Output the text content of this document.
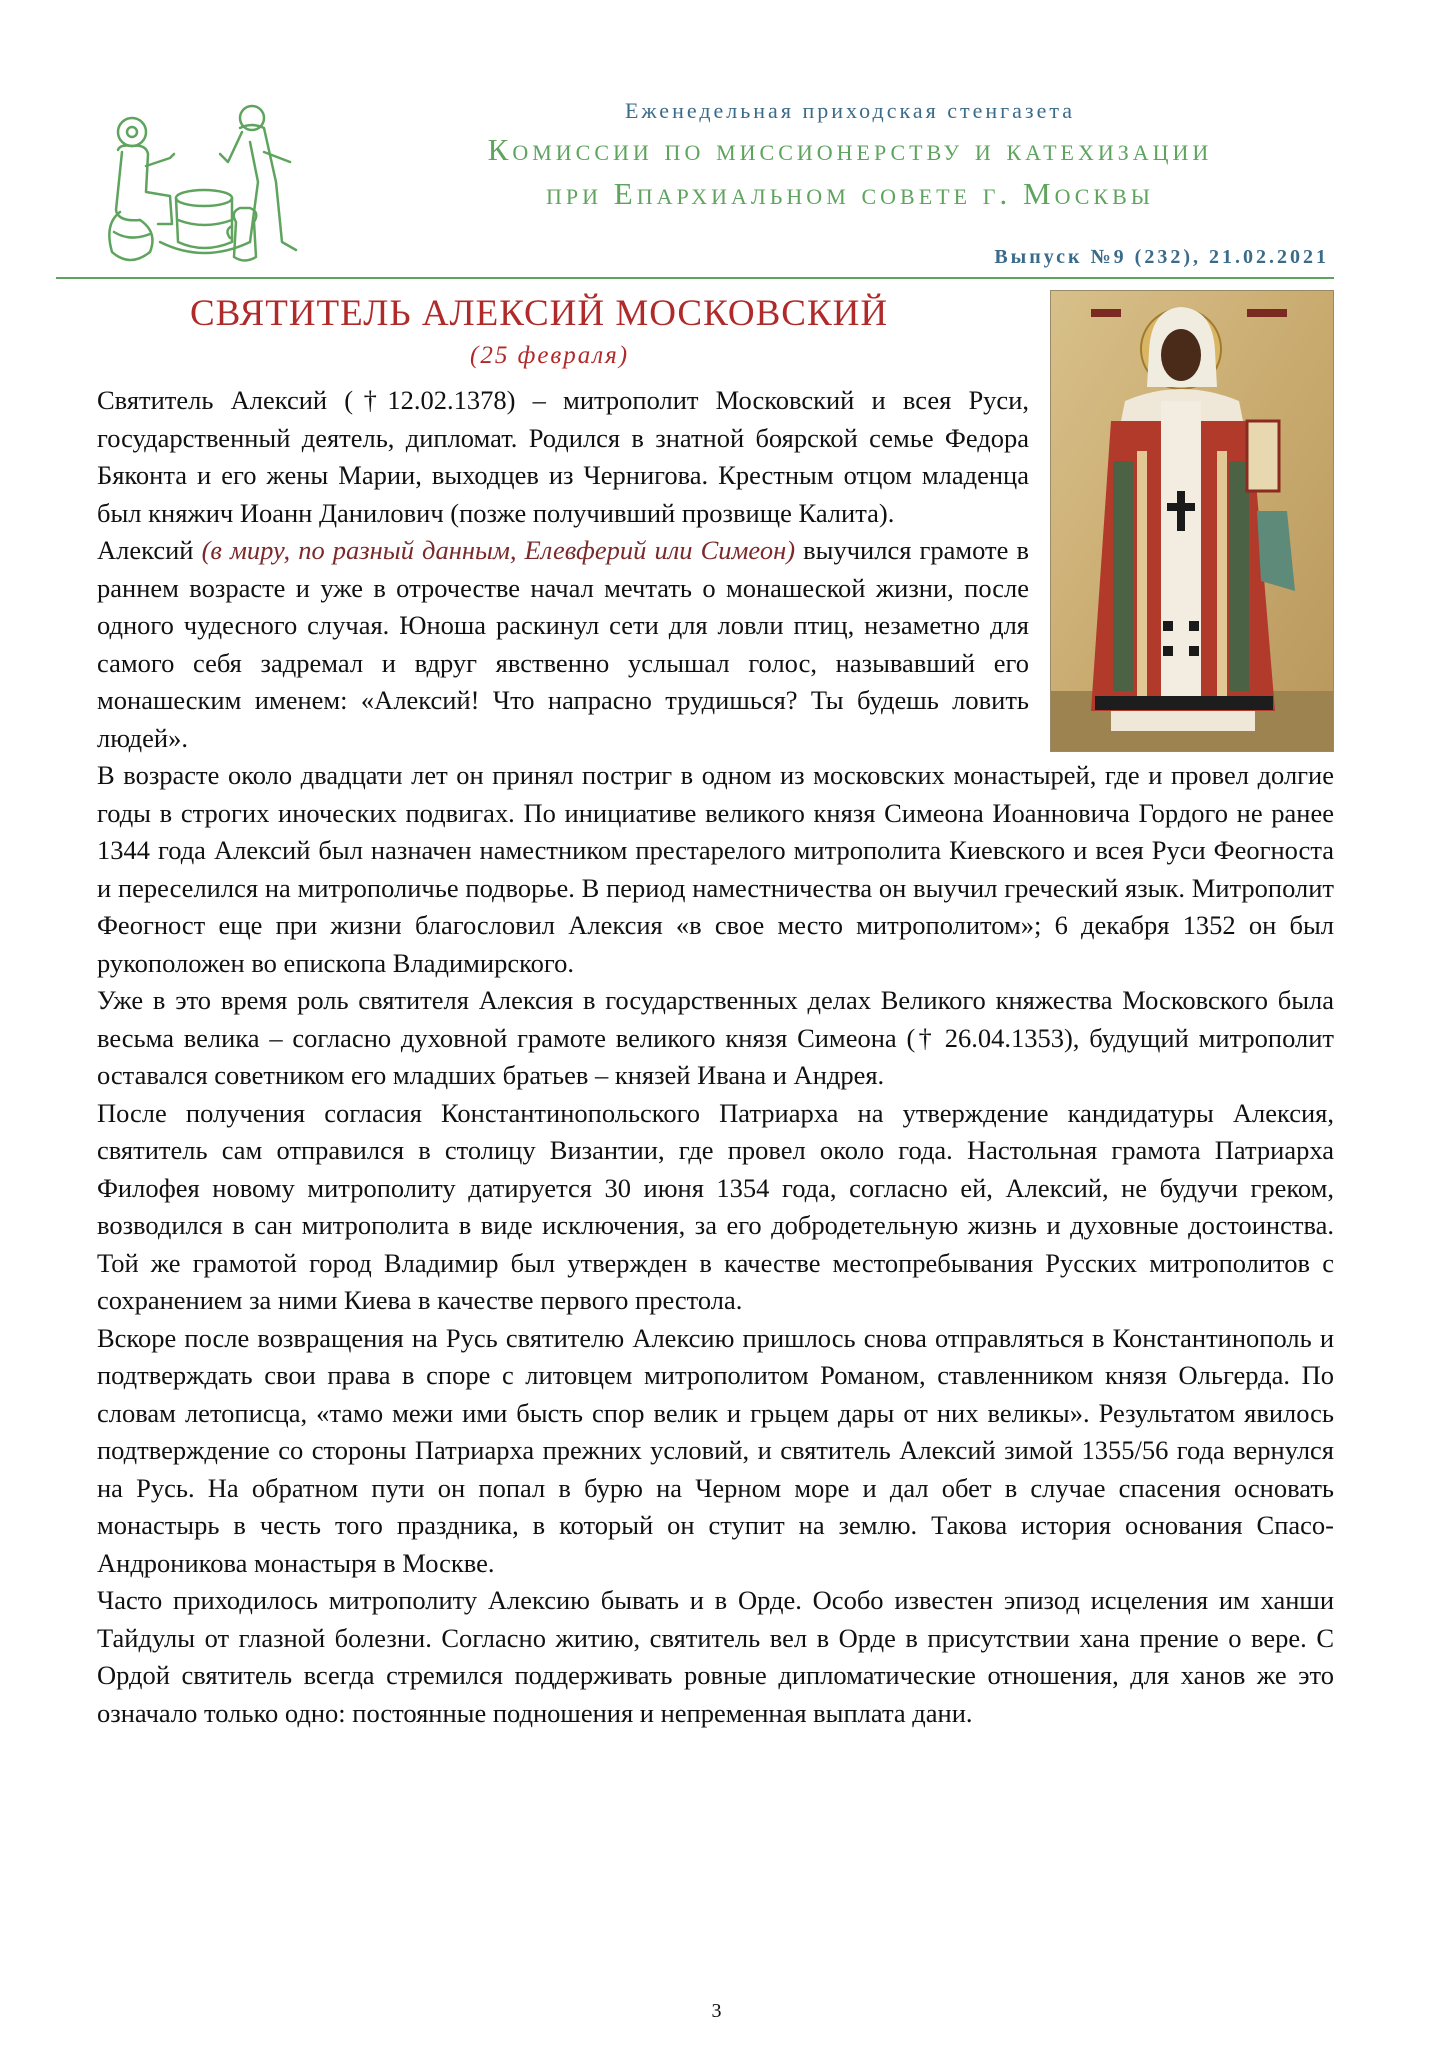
Еженедельная приходская стенгазета
Комиссии по миссионерству и катехизации
при Епархиальном совете г. Москвы
Выпуск №9 (232), 21.02.2021
СВЯТИТЕЛЬ АЛЕКСИЙ МОСКОВСКИЙ
(25 февраля)

Святитель Алексий (†12.02.1378) – митрополит Московский и всея Руси, государственный деятель, дипломат. Родился в знатной боярской семье Федора Бяконта и его жены Марии, выходцев из Чернигова. Крестным отцом младенца был княжич Иоанн Данилович (позже получивший прозвище Калита).

Алексий (в миру, по разный данным, Елевферий или Симеон) выучился грамоте в раннем возрасте и уже в отрочестве начал мечтать о монашеской жизни, после одного чудесного случая. Юноша раскинул сети для ловли птиц, незаметно для самого себя задремал и вдруг явственно услышал голос, называвший его монашеским именем: «Алексий! Что напрасно трудишься? Ты будешь ловить людей».

В возрасте около двадцати лет он принял постриг в одном из московских монастырей, где и провел долгие годы в строгих иноческих подвигах. По инициативе великого князя Симеона Иоанновича Гордого не ранее 1344 года Алексий был назначен наместником престарелого митрополита Киевского и всея Руси Феогноста и переселился на митрополичье подворье. В период наместничества он выучил греческий язык. Митрополит Феогност еще при жизни благословил Алексия «в свое место митрополитом»; 6 декабря 1352 он был рукоположен во епископа Владимирского.

Уже в это время роль святителя Алексия в государственных делах Великого княжества Московского была весьма велика – согласно духовной грамоте великого князя Симеона († 26.04.1353), будущий митрополит оставался советником его младших братьев – князей Ивана и Андрея.

После получения согласия Константинопольского Патриарха на утверждение кандидатуры Алексия, святитель сам отправился в столицу Византии, где провел около года. Настольная грамота Патриарха Филофея новому митрополиту датируется 30 июня 1354 года, согласно ей, Алексий, не будучи греком, возводился в сан митрополита в виде исключения, за его добродетельную жизнь и духовные достоинства. Той же грамотой город Владимир был утвержден в качестве местопребывания Русских митрополитов с сохранением за ними Киева в качестве первого престола.

Вскоре после возвращения на Русь святителю Алексию пришлось снова отправляться в Константинополь и подтверждать свои права в споре с литовцем митрополитом Романом, ставленником князя Ольгерда. По словам летописца, «тамо межи ими бысть спор велик и грьцем дары от них великы». Результатом явилось подтверждение со стороны Патриарха прежних условий, и святитель Алексий зимой 1355/56 года вернулся на Русь. На обратном пути он попал в бурю на Черном море и дал обет в случае спасения основать монастырь в честь того праздника, в который он ступит на землю. Такова история основания Спасо-Андроникова монастыря в Москве.

Часто приходилось митрополиту Алексию бывать и в Орде. Особо известен эпизод исцеления им ханши Тайдулы от глазной болезни. Согласно житию, святитель вел в Орде в присутствии хана прение о вере. С Ордой святитель всегда стремился поддерживать ровные дипломатические отношения, для ханов же это означало только одно: постоянные подношения и непременная выплата дани.

3
